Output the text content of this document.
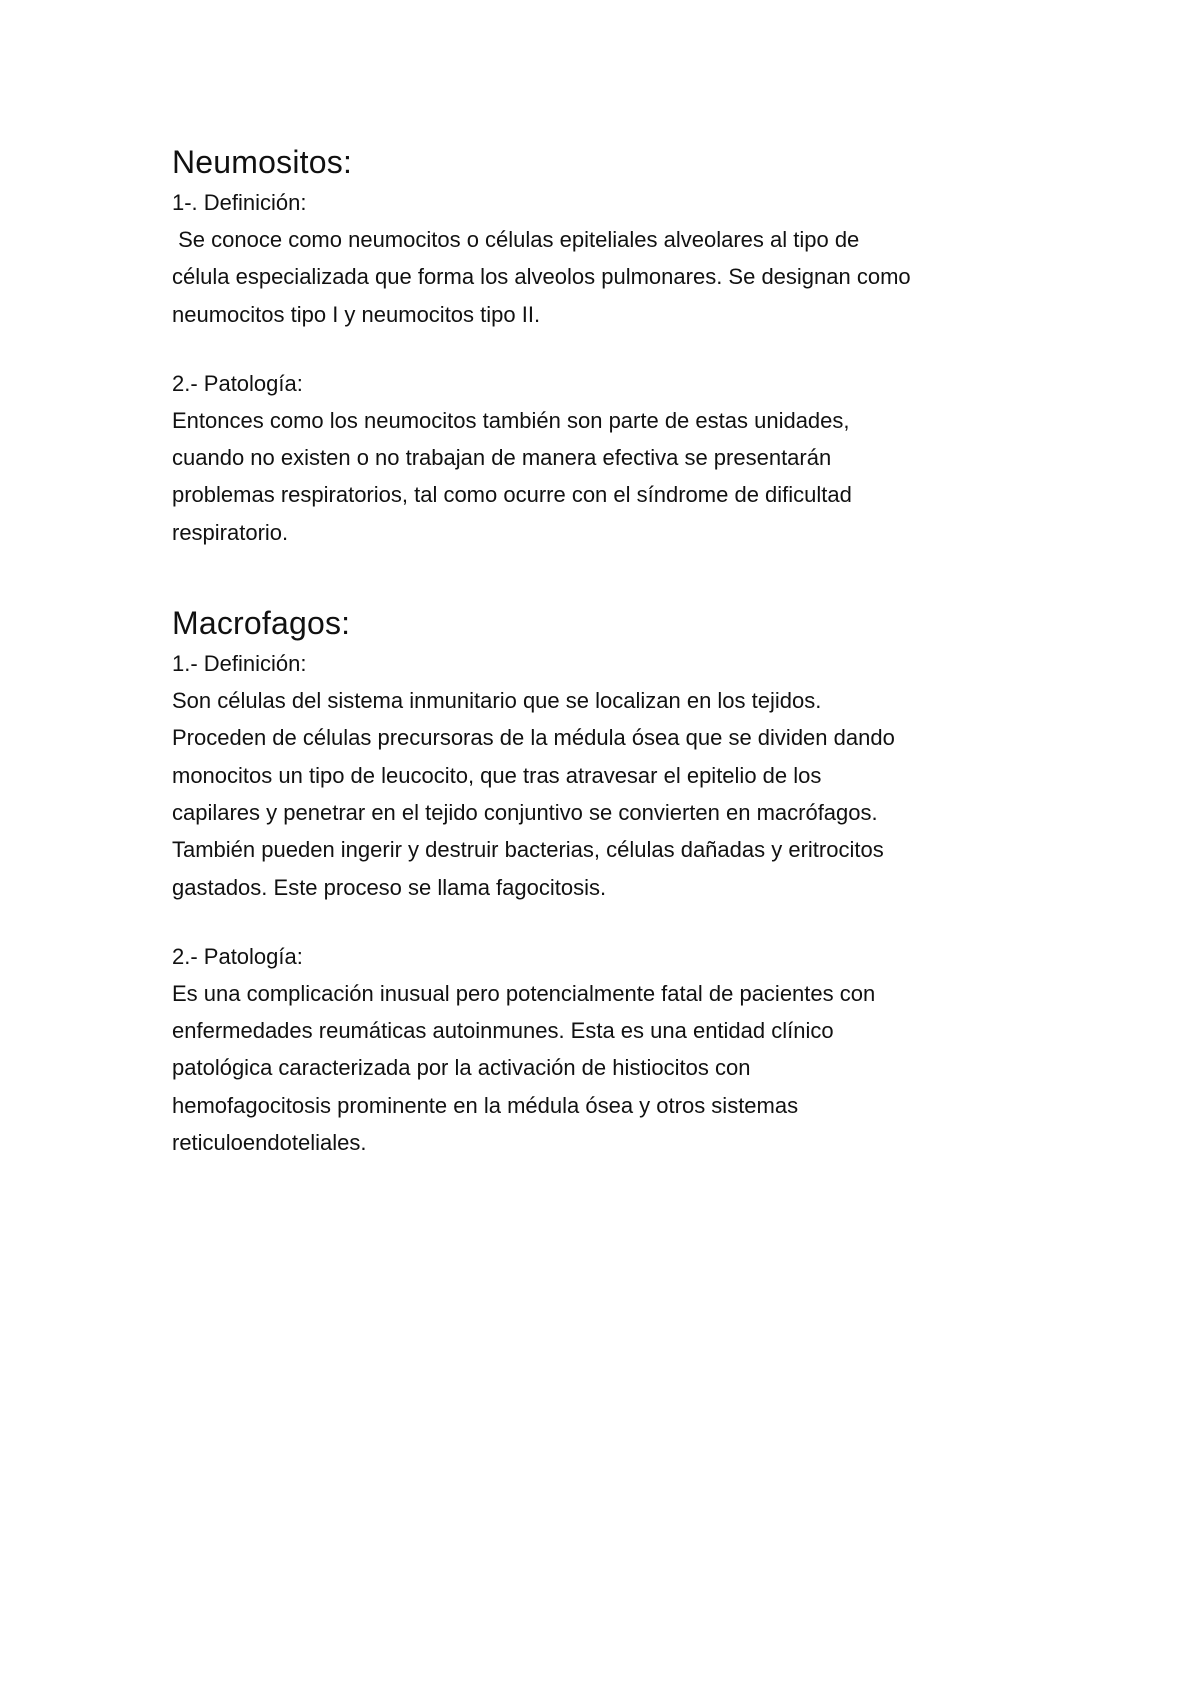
Neumositos:

1-. Definición:

Se conoce como neumocitos o células epiteliales alveolares al tipo de
célula especializada que forma los alveolos pulmonares. Se designan como
neumocitos tipo I y neumocitos tipo II.

2.- Patología:

Entonces como los neumocitos también son parte de estas unidades,
cuando no existen o no trabajan de manera efectiva se presentarán
problemas respiratorios, tal como ocurre con el síndrome de dificultad
respiratorio.

Macrofagos:

1.- Definición:

Son células del sistema inmunitario que se localizan en los tejidos.
Proceden de células precursoras de la médula ósea que se dividen dando
monocitos un tipo de leucocito, que tras atravesar el epitelio de los
capilares y penetrar en el tejido conjuntivo se convierten en macrófagos.
También pueden ingerir y destruir bacterias, células dañadas y eritrocitos
gastados. Este proceso se llama fagocitosis.

2.- Patología:

Es una complicación inusual pero potencialmente fatal de pacientes con
enfermedades reumáticas autoinmunes. Esta es una entidad clínico
patológica caracterizada por la activación de histiocitos con
hemofagocitosis prominente en la médula ósea y otros sistemas
reticuloendoteliales.
